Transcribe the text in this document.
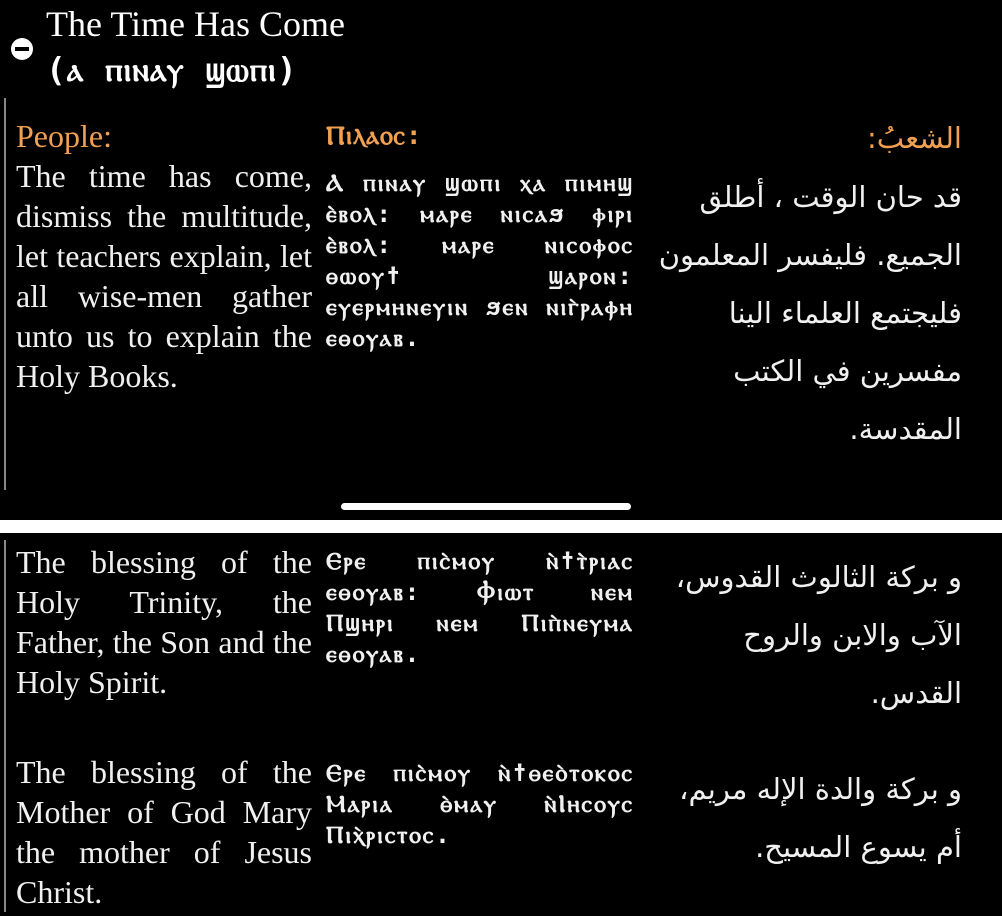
The Time Has Come
(ⲁ ⲡⲓⲛⲁⲩ ϣⲱⲡⲓ)
People:
The time has come, dismiss the multitude, let teachers explain, let all wise-men gather unto us to explain the Holy Books.
Ⲡⲓⲗⲁⲟⲥ:
Ⲁ ⲡⲓⲛⲁⲩ ϣⲱⲡⲓ ⲭⲁ ⲡⲓⲙⲏϣ ⲉ̀ⲃⲟⲗ: ⲙⲁⲣⲉ ⲛⲓⲥⲁϧ ⲫⲓⲣⲓ ⲉ̀ⲃⲟⲗ: ⲙⲁⲣⲉ ⲛⲓⲥⲟⲫⲟⲥ ⲑⲱⲟⲩϯ ϣⲁⲣⲟⲛ: ⲉⲩⲉⲣⲙⲏⲛⲉⲩⲓⲛ ϧⲉⲛ ⲛⲓⲅ̀ⲣⲁⲫⲏ ⲉⲑⲟⲩⲁⲃ.
الشعبُ:
قد حان الوقت ، أطلق الجميع. فليفسر المعلمون فليجتمع العلماء الينا مفسرين في الكتب المقدسة.
The blessing of the Holy Trinity, the Father, the Son and the Holy Spirit.
Ⲉⲣⲉ ⲡⲓⲥ̀ⲙⲟⲩ ⲛ̀ϯⲧ̀ⲣⲓⲁⲥ ⲉⲑⲟⲩⲁⲃ: Ⲫⲓⲱⲧ ⲛⲉⲙ Ⲡϣⲏⲣⲓ ⲛⲉⲙ Ⲡⲓⲡ̀ⲛⲉⲩⲙⲁ ⲉⲑⲟⲩⲁⲃ.
و بركة الثالوث القدوس، الآب والابن والروح القدس.
The blessing of the Mother of God Mary the mother of Jesus Christ.
Ⲉⲣⲉ ⲡⲓⲥ̀ⲙⲟⲩ ⲛ̀ϯⲑⲉⲟ̀ⲧⲟⲕⲟⲥ Ⲙⲁⲣⲓⲁ ⲑ̀ⲙⲁⲩ ⲛ̀Ⲓⲏⲥⲟⲩⲥ Ⲡⲓⲭ̀ⲣⲓⲥⲧⲟⲥ.
و بركة والدة الإله مريم، أم يسوع المسيح.
